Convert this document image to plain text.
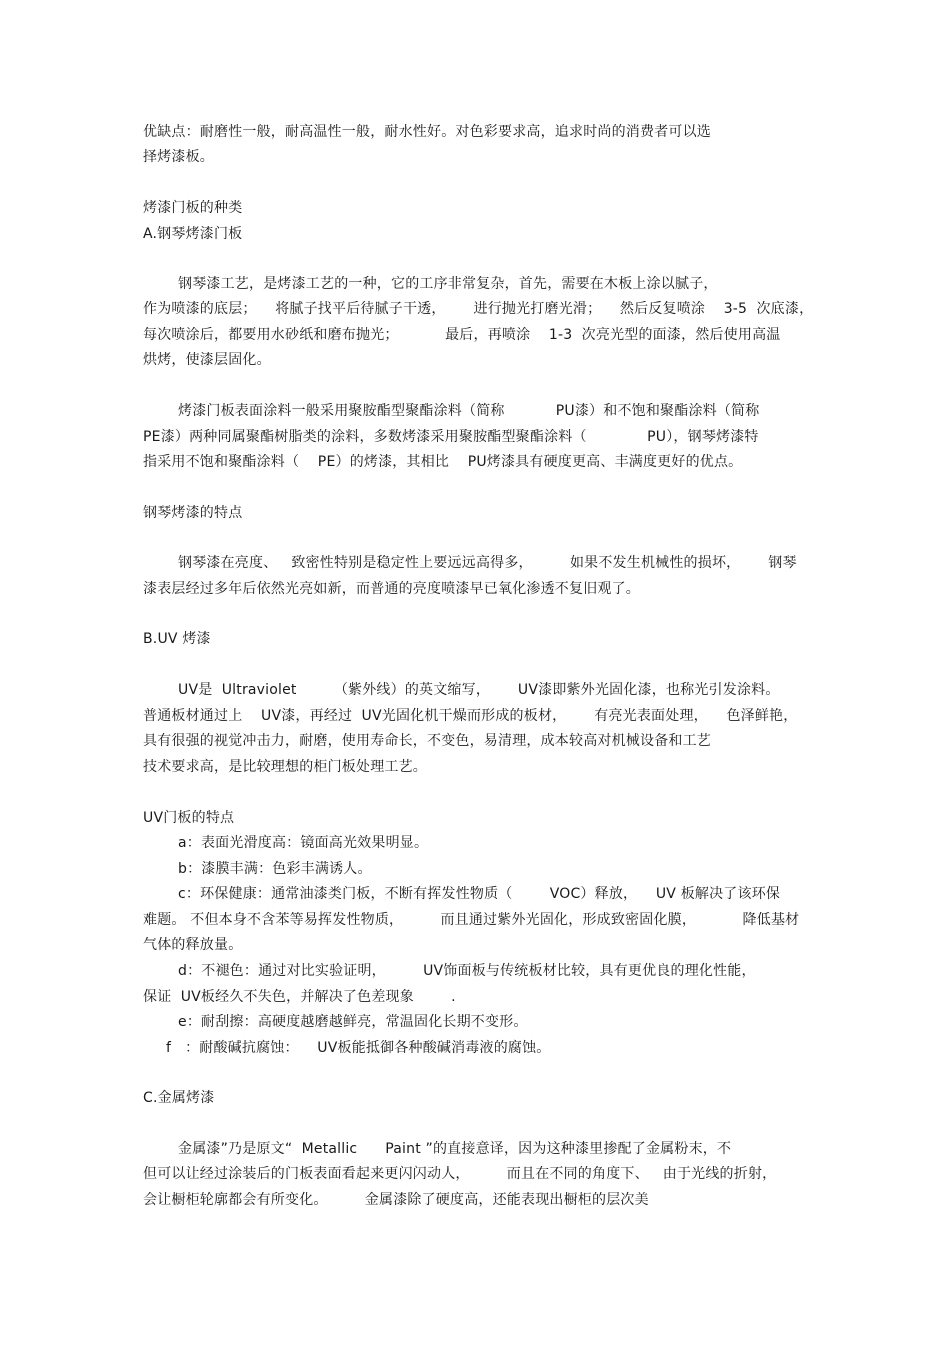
优缺点：耐磨性一般，耐高温性一般，耐水性好。对色彩要求高，追求时尚的消费者可以选
择烤漆板。
烤漆门板的种类
A.钢琴烤漆门板
钢琴漆工艺，是烤漆工艺的一种，它的工序非常复杂，首先，需要在木板上涂以腻子，
作为喷漆的底层；    将腻子找平后待腻子干透，      进行抛光打磨光滑；    然后反复喷涂    3-5  次底漆，
每次喷涂后，都要用水砂纸和磨布抛光；          最后，再喷涂    1-3  次亮光型的面漆，然后使用高温
烘烤，使漆层固化。
烤漆门板表面涂料一般采用聚胺酯型聚酯涂料（简称           PU漆）和不饱和聚酯涂料（简称
PE漆）两种同属聚酯树脂类的涂料，多数烤漆采用聚胺酯型聚酯涂料（             PU），钢琴烤漆特
指采用不饱和聚酯涂料（    PE）的烤漆，其相比    PU烤漆具有硬度更高、丰满度更好的优点。
钢琴烤漆的特点
钢琴漆在亮度、   致密性特别是稳定性上要远远高得多，        如果不发生机械性的损坏，      钢琴
漆表层经过多年后依然光亮如新，而普通的亮度喷漆早已氧化渗透不复旧观了。
B.UV 烤漆
UV是  Ultraviolet        （紫外线）的英文缩写，      UV漆即紫外光固化漆，也称光引发涂料。
普通板材通过上    UV漆，再经过  UV光固化机干燥而形成的板材，      有亮光表面处理，    色泽鲜艳，
具有很强的视觉冲击力，耐磨，使用寿命长，不变色，易清理，成本较高对机械设备和工艺
技术要求高，是比较理想的柜门板处理工艺。
UV门板的特点
a：表面光滑度高：镜面高光效果明显。
b：漆膜丰满：色彩丰满诱人。
c：环保健康：通常油漆类门板，不断有挥发性物质（        VOC）释放，    UV 板解决了该环保
难题。 不但本身不含苯等易挥发性物质，        而且通过紫外光固化，形成致密固化膜，          降低基材
气体的释放量。
d：不褪色：通过对比实验证明，        UV饰面板与传统板材比较，具有更优良的理化性能，
保证  UV板经久不失色，并解决了色差现象        .
e：耐刮擦：高硬度越磨越鲜亮，常温固化长期不变形。
f   ：耐酸碱抗腐蚀：    UV板能抵御各种酸碱消毒液的腐蚀。
C.金属烤漆
金属漆”乃是原文“  Metallic      Paint ”的直接意译，因为这种漆里掺配了金属粉末，不
但可以让经过涂装后的门板表面看起来更闪闪动人，        而且在不同的角度下、   由于光线的折射，
会让橱柜轮廓都会有所变化。        金属漆除了硬度高，还能表现出橱柜的层次美
